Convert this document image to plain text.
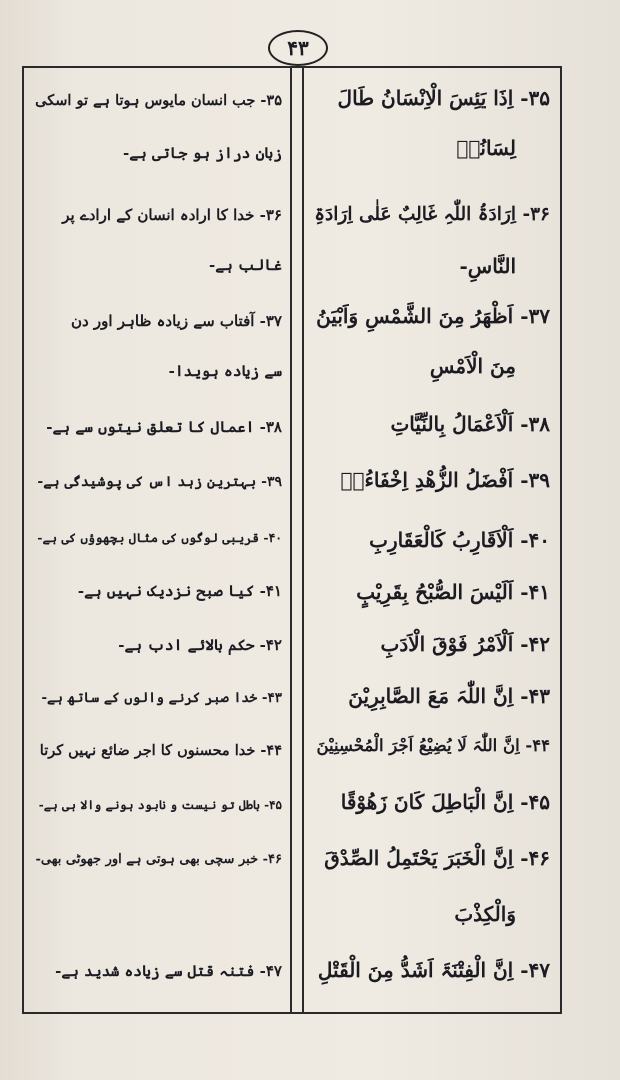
۴۳
۳۵- اِذَا یَئِسَ الْاِنْسَانُ طَالَ
لِسَانُہٗ
۳۶- اِرَادَۃُ اللّٰہِ غَالِبٌ عَلٰی اِرَادَۃِ
النَّاسِ-
۳۷- اَظْھَرُ مِنَ الشَّمْسِ وَاَبْیَنُ
مِنَ الْاَمْسِ
۳۸- اَلْاَعْمَالُ بِالنِّیَّاتِ
۳۹- اَفْضَلُ الزُّھْدِ اِخْفَاءُہٗ
۴۰- اَلْاَقَارِبُ کَالْعَقَارِبِ
۴۱- اَلَیْسَ الصُّبْحُ بِقَرِیْبٍ
۴۲- اَلْاَمْرُ فَوْقَ الْاَدَبِ
۴۳- اِنَّ اللّٰہَ مَعَ الصَّابِرِیْنَ
۴۴- اِنَّ اللّٰہَ لَا یُضِیْعُ اَجْرَ الْمُحْسِنِیْنَ
۴۵- اِنَّ الْبَاطِلَ کَانَ زَھُوْقًا
۴۶- اِنَّ الْخَبَرَ یَحْتَمِلُ الصِّدْقَ
وَالْکِذْبَ
۴۷- اِنَّ الْفِتْنَۃَ اَشَدُّ مِنَ الْقَتْلِ
۳۵- جب انسان مایوس ہوتا ہے تو اسکی
زبان دراز ہو جاتی ہے-
۳۶- خدا کا ارادہ انسان کے ارادے پر
غالب ہے-
۳۷- آفتاب سے زیادہ ظاہر اور دن
سے زیادہ ہویدا-
۳۸- اعمال کا تعلق نیتوں سے ہے-
۳۹- بہترین زہد اس کی پوشیدگی ہے-
۴۰- قریبی لوگوں کی مثال بچھوؤں کی ہے-
۴۱- کیا صبح نزدیک نہیں ہے-
۴۲- حکم بالائے ادب ہے-
۴۳- خدا صبر کرنے والوں کے ساتھ ہے-
۴۴- خدا محسنوں کا اجر ضائع نہیں کرتا
۴۵- باطل تو نیست و نابود ہونے والا ہی ہے-
۴۶- خبر سچی بھی ہوتی ہے اور جھوٹی بھی-
۴۷- فتنہ قتل سے زیادہ شدید ہے-
